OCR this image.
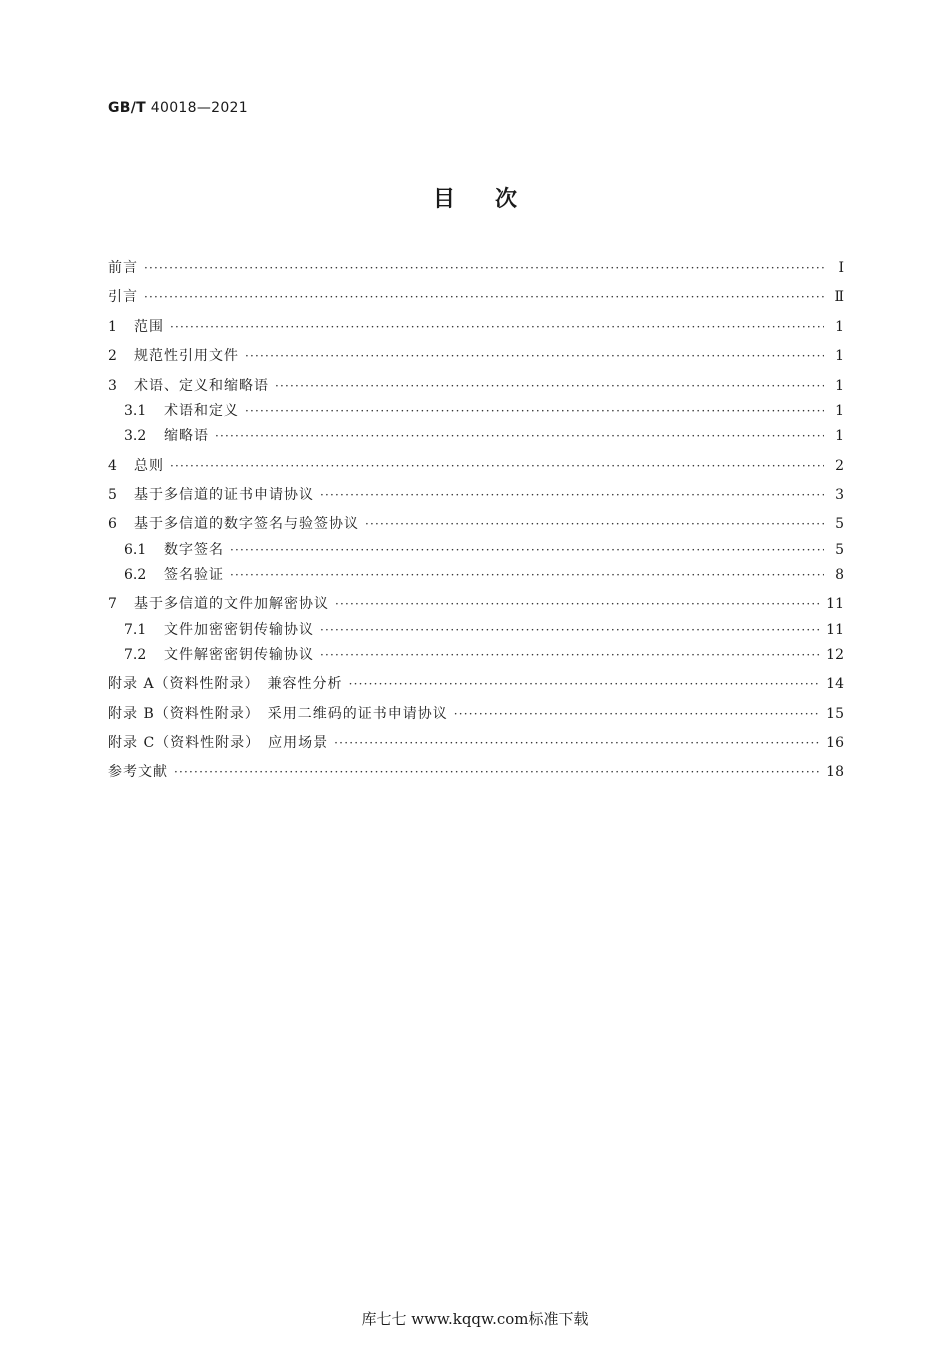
GB/T 40018—2021
目次
前言 ·····	Ⅰ
引言 ·····	Ⅱ
1	范围 ·····	1
2	规范性引用文件 ·····	1
3	术语、定义和缩略语 ·····	1
3.1	术语和定义 ·····	1
3.2	缩略语 ·····	1
4	总则 ·····	2
5	基于多信道的证书申请协议 ·····	3
6	基于多信道的数字签名与验签协议 ·····	5
6.1	数字签名 ·····	5
6.2	签名验证 ·····	8
7	基于多信道的文件加解密协议 ·····	11
7.1	文件加密密钥传输协议 ·····	11
7.2	文件解密密钥传输协议 ·····	12
附录 A（资料性附录）　兼容性分析 ·····	14
附录 B（资料性附录）　采用二维码的证书申请协议 ·····	15
附录 C（资料性附录）　应用场景 ·····	16
参考文献 ·····	18
库七七 www.kqqw.com标准下载
